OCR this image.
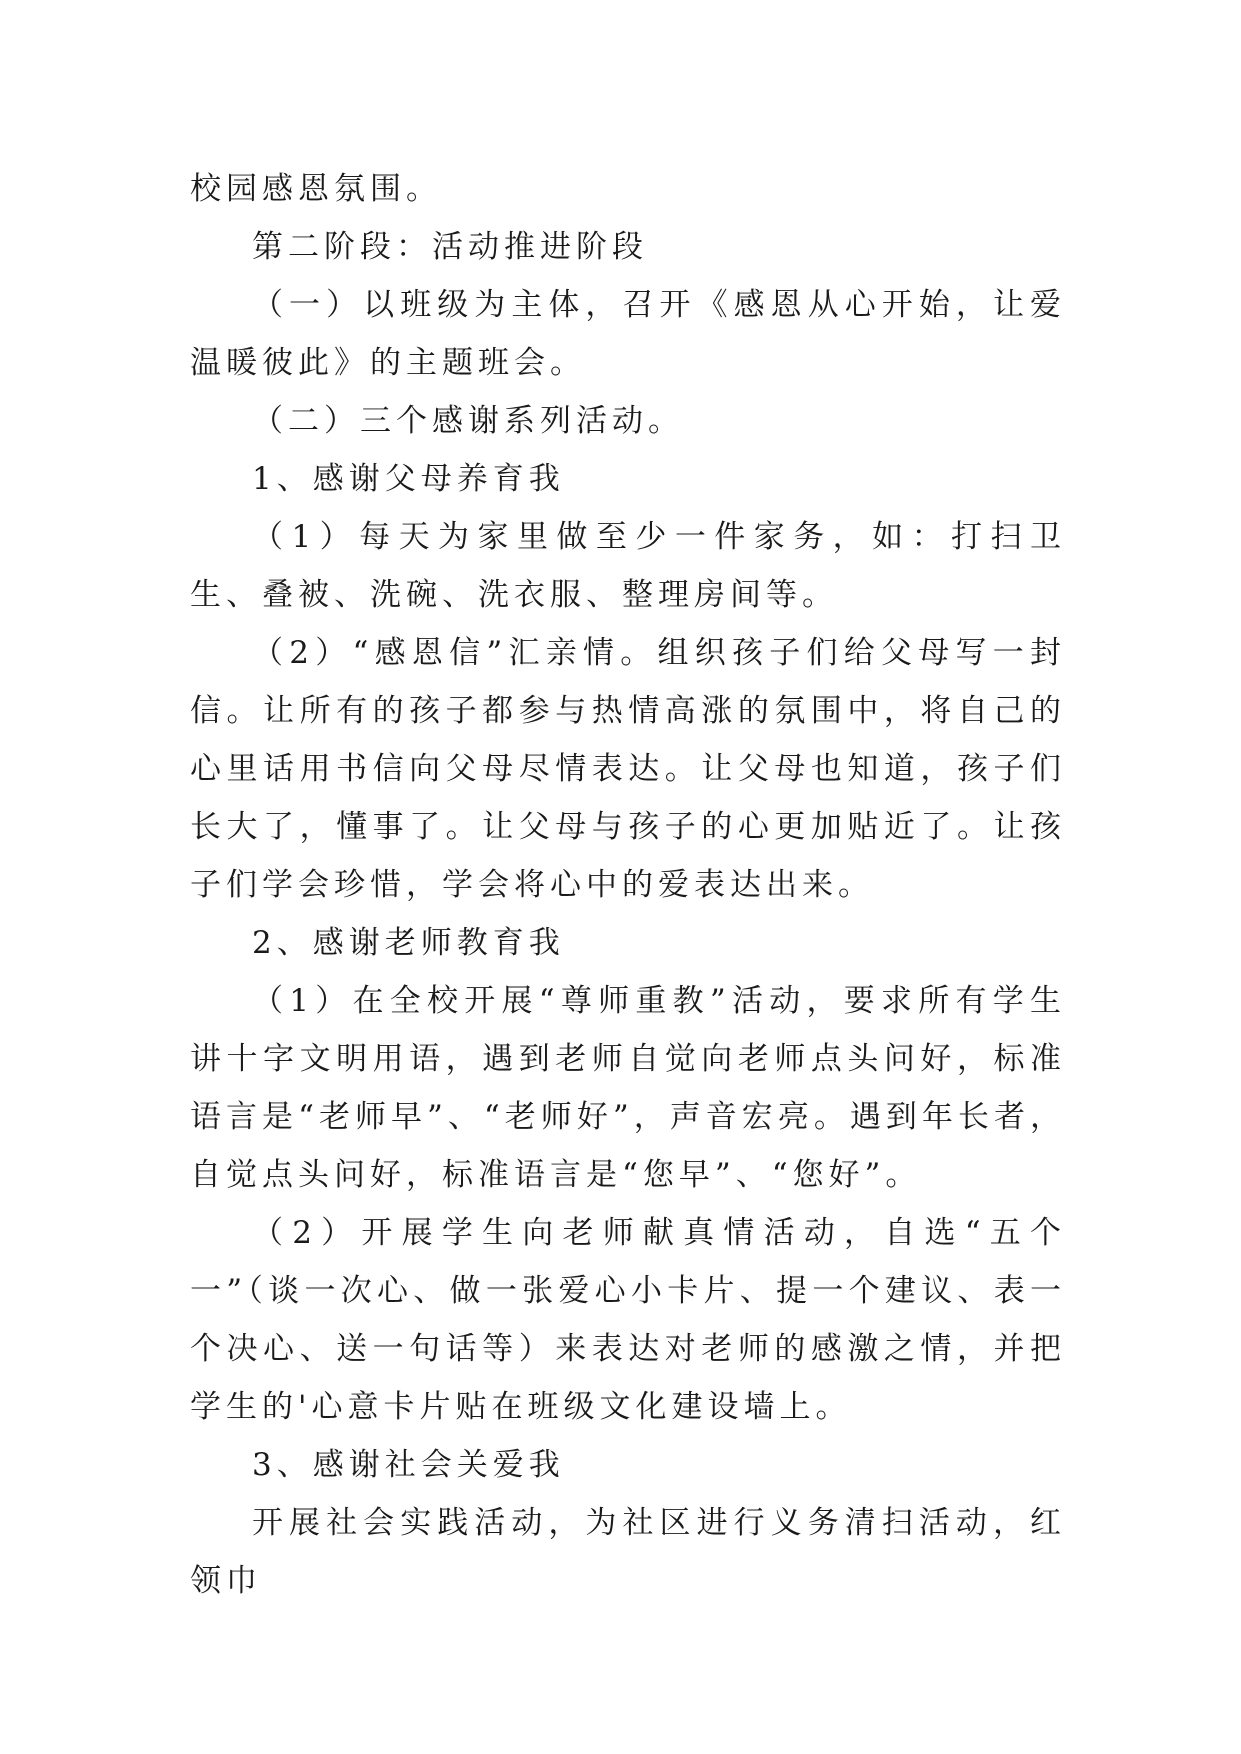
校园感恩氛围。

第二阶段：活动推进阶段

（一）以班级为主体，召开《感恩从心开始，让爱温暖彼此》的主题班会。

（二）三个感谢系列活动。

1、感谢父母养育我

（1）每天为家里做至少一件家务，如：打扫卫生、叠被、洗碗、洗衣服、整理房间等。

（2）“感恩信”汇亲情。组织孩子们给父母写一封信。让所有的孩子都参与热情高涨的氛围中，将自己的心里话用书信向父母尽情表达。让父母也知道，孩子们长大了，懂事了。让父母与孩子的心更加贴近了。让孩子们学会珍惜，学会将心中的爱表达出来。

2、感谢老师教育我

（1）在全校开展“尊师重教”活动，要求所有学生讲十字文明用语，遇到老师自觉向老师点头问好，标准语言是“老师早”、“老师好”，声音宏亮。遇到年长者，自觉点头问好，标准语言是“您早”、“您好”。

（2）开展学生向老师献真情活动，自选“五个一”（谈一次心、做一张爱心小卡片、提一个建议、表一个决心、送一句话等）来表达对老师的感激之情，并把学生的'心意卡片贴在班级文化建设墙上。

3、感谢社会关爱我

开展社会实践活动，为社区进行义务清扫活动，红领巾
